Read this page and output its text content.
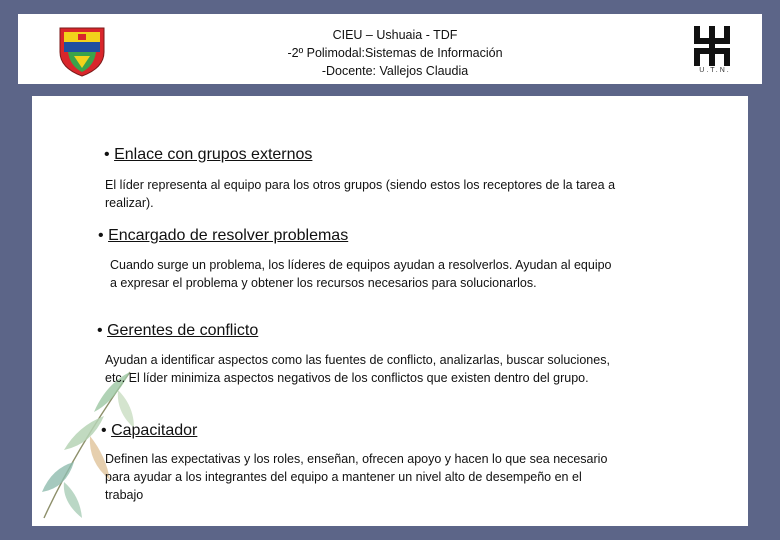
CIEU – Ushuaia - TDF
-2º Polimodal:Sistemas de Información
-Docente: Vallejos Claudia	U.T.N.
• Enlace con grupos externos
El líder representa al equipo para los otros grupos (siendo estos los receptores de la tarea a
realizar).
• Encargado de resolver problemas
Cuando surge un problema, los líderes de equipos ayudan a resolverlos. Ayudan al equipo
a expresar el problema y obtener los recursos necesarios para solucionarlos.
• Gerentes de conflicto
Ayudan a identificar aspectos como las fuentes de conflicto, analizarlas, buscar soluciones,
etc. El líder minimiza aspectos negativos de los conflictos que existen dentro del grupo.
• Capacitador
Definen las expectativas y los roles, enseñan, ofrecen apoyo y hacen lo que sea necesario
para ayudar a los integrantes del equipo a mantener un nivel alto de desempeño en el
trabajo
